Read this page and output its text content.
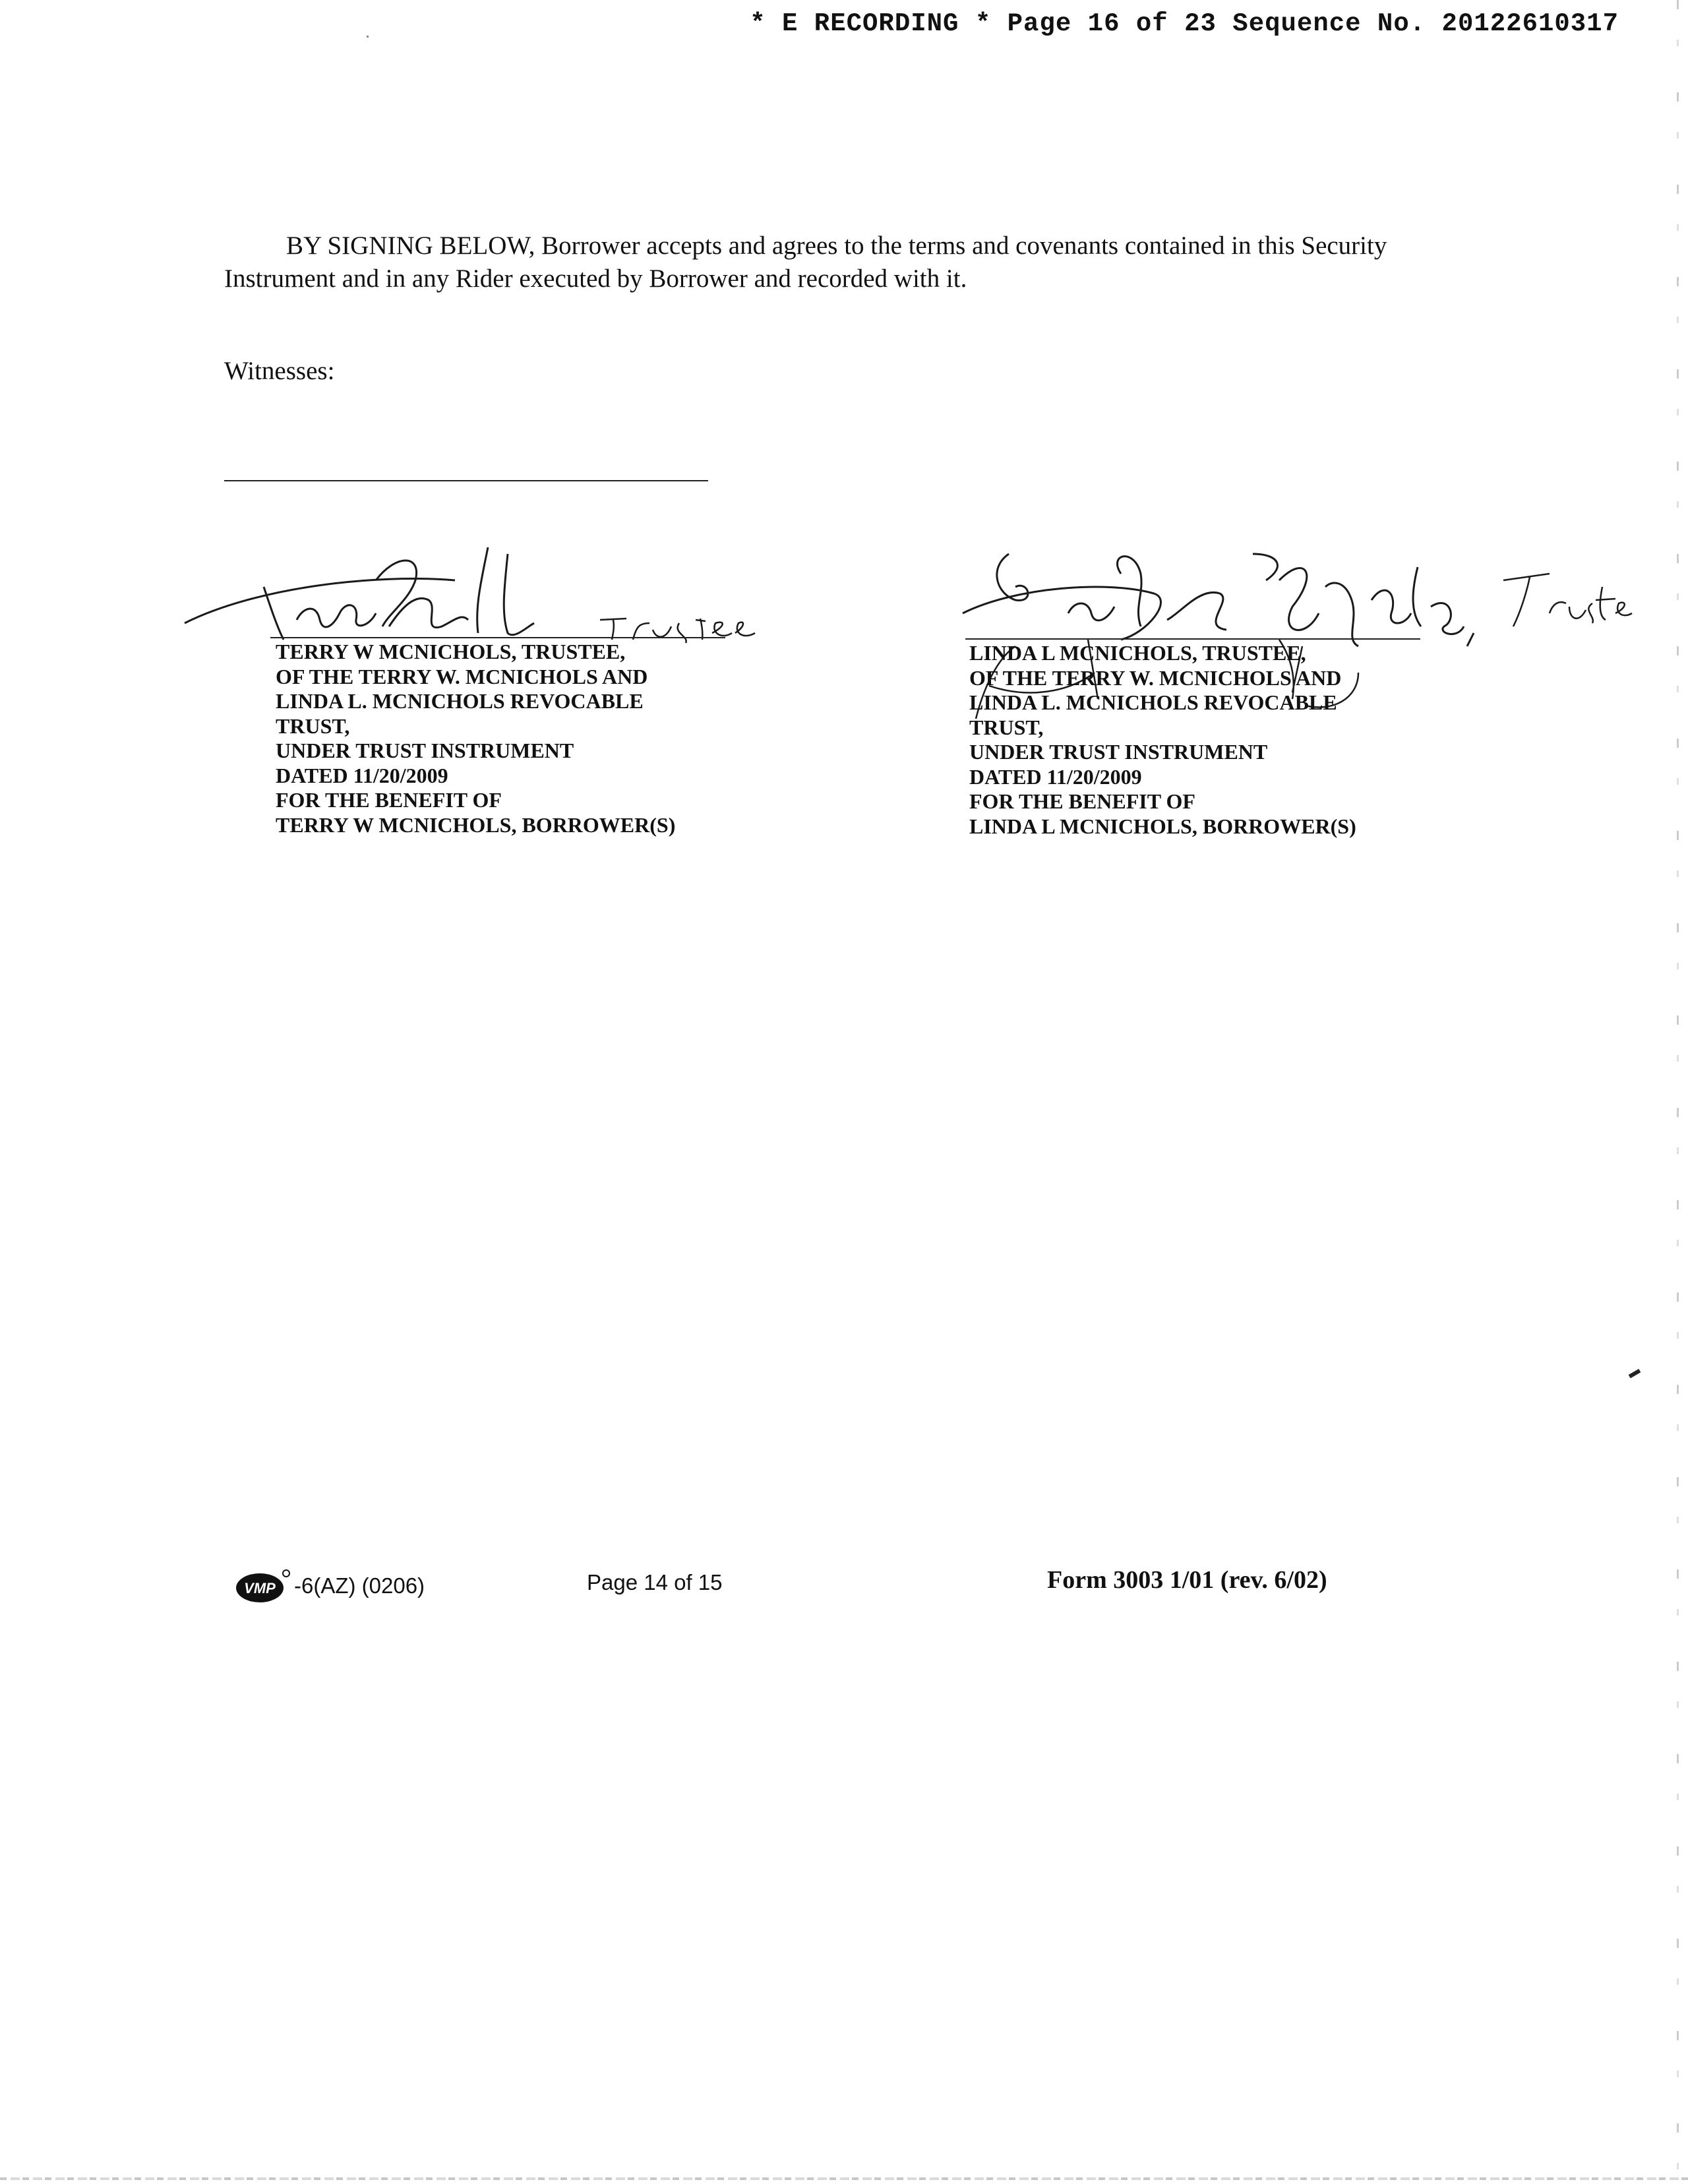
* E RECORDING * Page 16 of 23 Sequence No. 20122610317
BY SIGNING BELOW, Borrower accepts and agrees to the terms and covenants contained in this Security Instrument and in any Rider executed by Borrower and recorded with it.
Witnesses:
TERRY W MCNICHOLS, TRUSTEE,
OF THE TERRY W. MCNICHOLS AND
LINDA L. MCNICHOLS REVOCABLE
TRUST,
UNDER TRUST INSTRUMENT
DATED 11/20/2009
FOR THE BENEFIT OF
TERRY W MCNICHOLS, BORROWER(S)
LINDA L MCNICHOLS, TRUSTEE,
OF THE TERRY W. MCNICHOLS AND
LINDA L. MCNICHOLS REVOCABLE
TRUST,
UNDER TRUST INSTRUMENT
DATED 11/20/2009
FOR THE BENEFIT OF
LINDA L MCNICHOLS, BORROWER(S)
VMP -6(AZ) (0206)	Page 14 of 15	Form 3003 1/01 (rev. 6/02)
